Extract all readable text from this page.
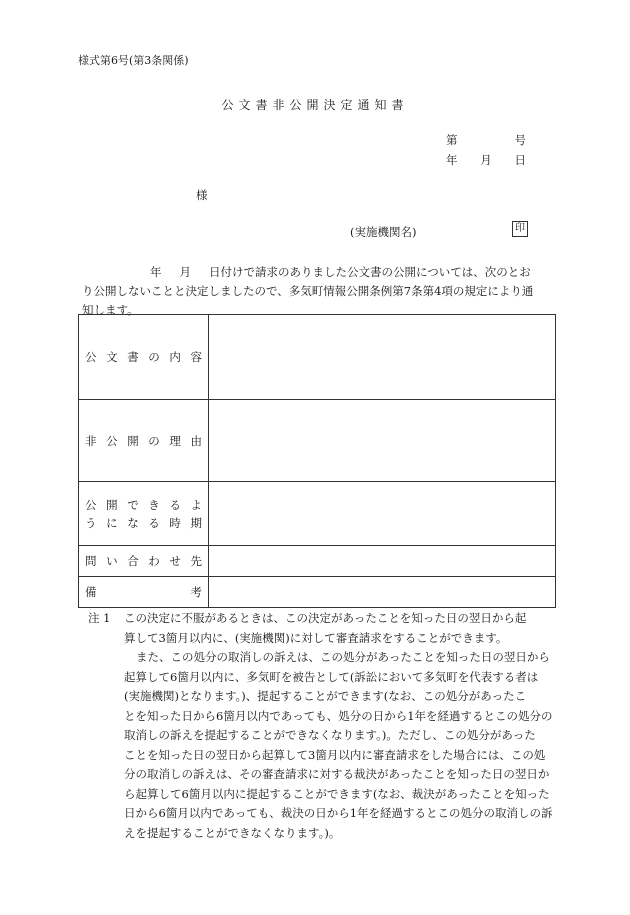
様式第6号(第3条関係)
公文書非公開決定通知書
第	号
年 月 日
様
(実施機関名)	印
年 月 日付けで請求のありました公文書の公開については、次のとお
り公開しないことと決定しましたので、多気町情報公開条例第7条第4項の規定により通
知します。
公文書の内容	

非公開の理由	

公開できるよ
うになる時期	

問い合わせ先	

備考	

注 1	この決定に不服があるときは、この決定があったことを知った日の翌日から起

算して3箇月以内に、(実施機関)に対して審査請求をすることができます。

また、この処分の取消しの訴えは、この処分があったことを知った日の翌日から

起算して6箇月以内に、多気町を被告として(訴訟において多気町を代表する者は

(実施機関)となります。)、提起することができます(なお、この処分があったこ

とを知った日から6箇月以内であっても、処分の日から1年を経過するとこの処分の

取消しの訴えを提起することができなくなります。)。ただし、この処分があった

ことを知った日の翌日から起算して3箇月以内に審査請求をした場合には、この処

分の取消しの訴えは、その審査請求に対する裁決があったことを知った日の翌日か

ら起算して6箇月以内に提起することができます(なお、裁決があったことを知った

日から6箇月以内であっても、裁決の日から1年を経過するとこの処分の取消しの訴

えを提起することができなくなります。)。
